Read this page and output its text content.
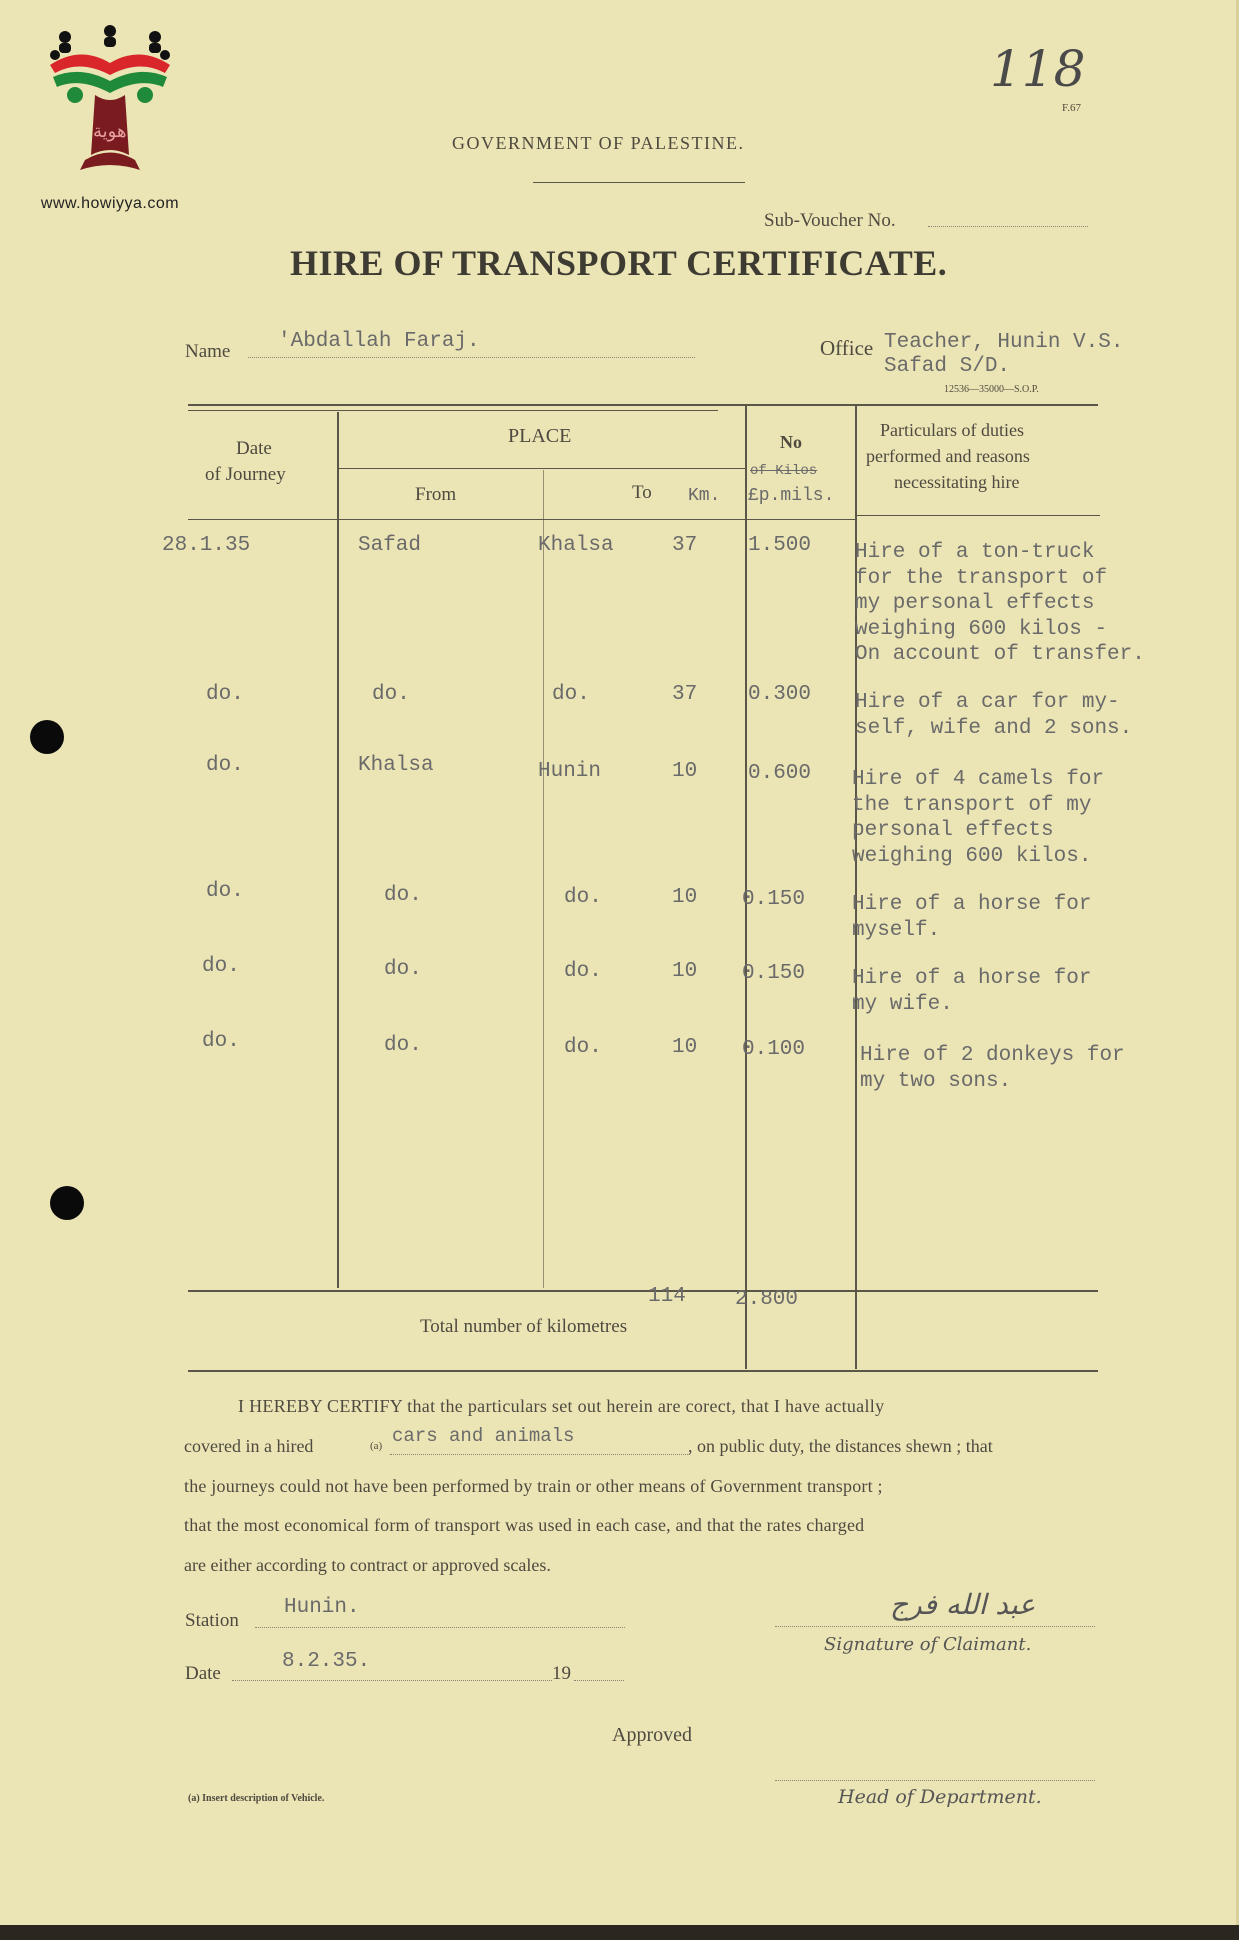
هوية
www.howiyya.com
118
F.67
GOVERNMENT OF PALESTINE.
Sub-Voucher No.
HIRE OF TRANSPORT CERTIFICATE.
Name 'Abdallah Faraj.	Office Teacher, Hunin V.S.
Safad S/D.
12536—35000—S.O.P.
Date
of Journey
PLACE
From	To Km.
No
of Kilos
£p.mils.
Particulars of duties
performed and reasons
necessitating hire
28.1.35	Safad	Khalsa	37 1.500 Hire of a ton-truck
for the transport of
my personal effects
weighing 600 kilos -
On account of transfer.
do.	do.	do.	37 0.300 Hire of a car for my-
self, wife and 2 sons.
do.	Khalsa	Hunin	10 0.600 Hire of 4 camels for
the transport of my
personal effects
weighing 600 kilos.
do.	do.	do.	10 0.150 Hire of a horse for
myself.
do.	do.	do.	10 0.150 Hire of a horse for
my wife.
do.	do.	do.	10 0.100	Hire of 2 donkeys for
my two sons.
114 2.800
Total number of kilometres
I HEREBY CERTIFY that the particulars set out herein are corect, that I have actually
covered in a hired	(a) cars and animals	, on public duty, the distances shewn ; that
the journeys could not have been performed by train or other means of Government transport ;
that the most economical form of transport was used in each case, and that the rates charged
are either according to contract or approved scales.
Station
Hunin.
Date
8.2.35.
19
عبد الله فرج
Signature of Claimant.
Approved
(a) Insert description of Vehicle.	Head of Department.
